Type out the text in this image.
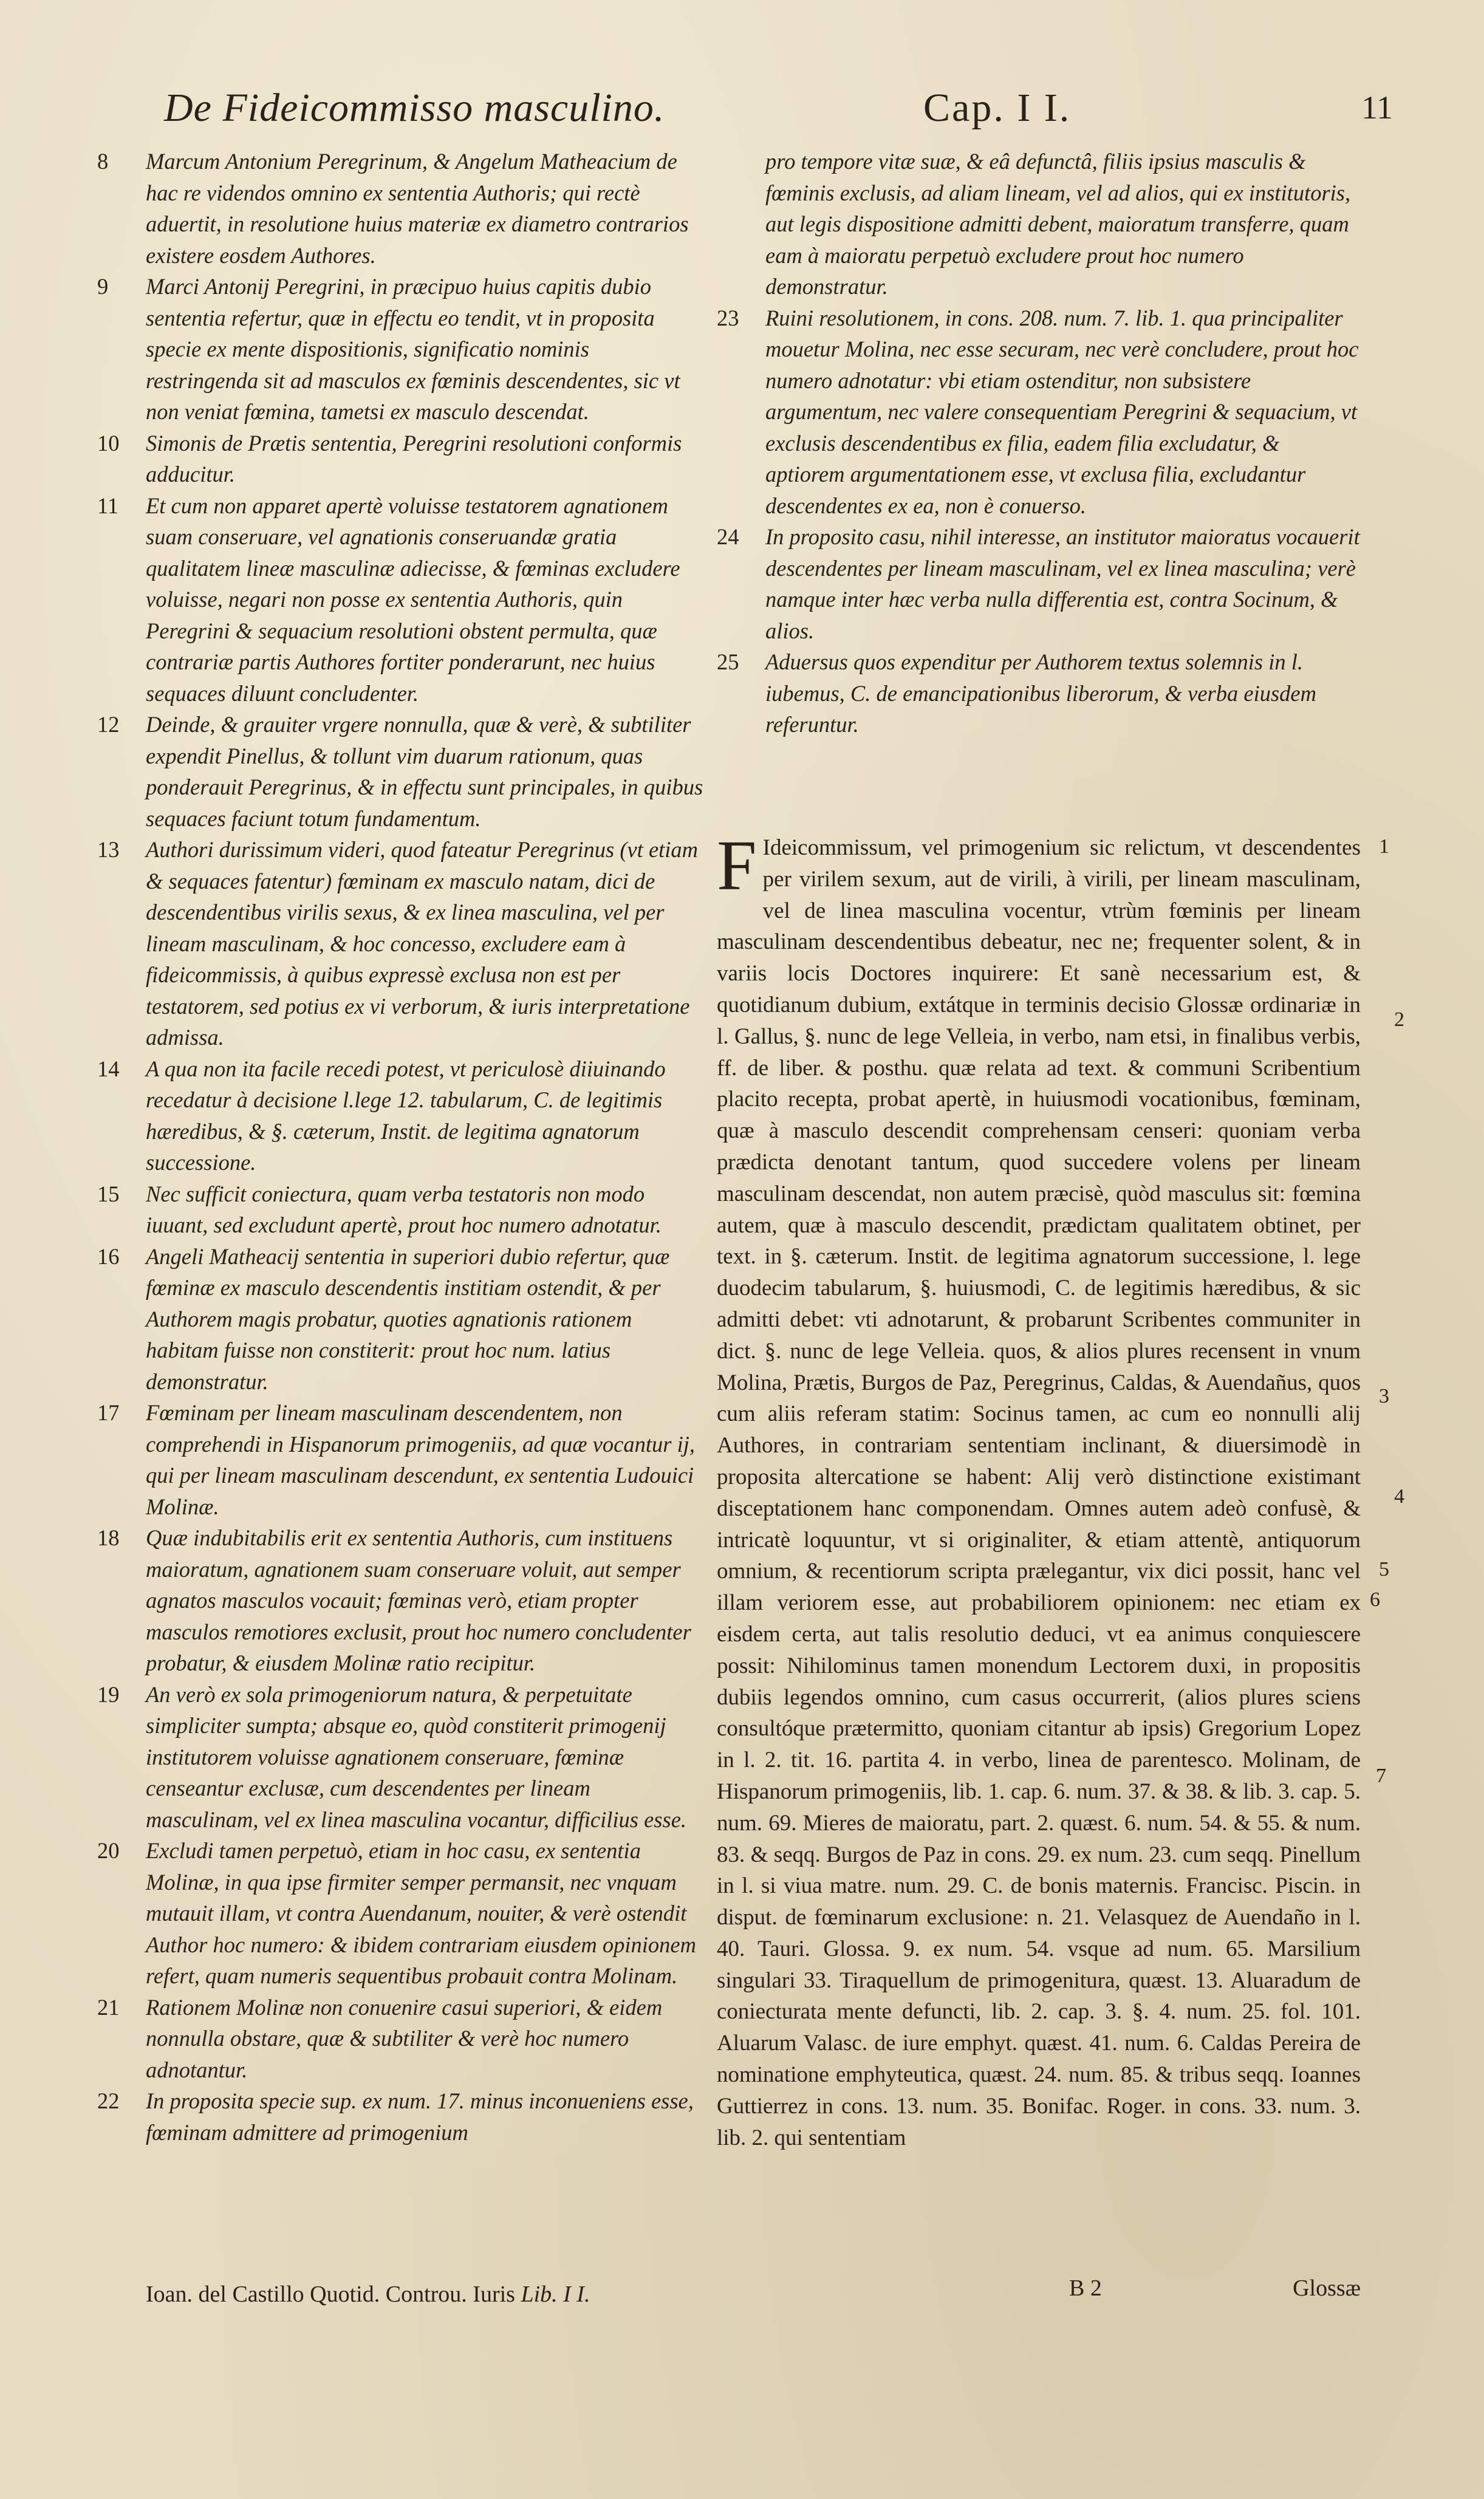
De Fideicommisso masculino.	Cap. I I.	11
8 Marcum Antonium Peregrinum, & Angelum Matheacium de hac re videndos omnino ex sententia Authoris; qui rectè aduertit, in resolutione huius materiæ ex diametro contrarios existere eosdem Authores.
9 Marci Antonij Peregrini, in præcipuo huius capitis dubio sententia refertur, quæ in effectu eo tendit, vt in proposita specie ex mente dispositionis, significatio nominis restringenda sit ad masculos ex fœminis descendentes, sic vt non veniat fœmina, tametsi ex masculo descendat.
10 Simonis de Prætis sententia, Peregrini resolutioni conformis adducitur.
11 Et cum non apparet apertè voluisse testatorem agnationem suam conseruare, vel agnationis conseruandæ gratia qualitatem lineæ masculinæ adiecisse, & fœminas excludere voluisse, negari non posse ex sententia Authoris, quin Peregrini & sequacium resolutioni obstent permulta, quæ contrariæ partis Authores fortiter ponderarunt, nec huius sequaces diluunt concludenter.
12 Deinde, & grauiter vrgere nonnulla, quæ & verè, & subtiliter expendit Pinellus, & tollunt vim duarum rationum, quas ponderauit Peregrinus, & in effectu sunt principales, in quibus sequaces faciunt totum fundamentum.
13 Authori durissimum videri, quod fateatur Peregrinus (vt etiam & sequaces fatentur) fœminam ex masculo natam, dici de descendentibus virilis sexus, & ex linea masculina, vel per lineam masculinam, & hoc concesso, excludere eam à fideicommissis, à quibus expressè exclusa non est per testatorem, sed potius ex vi verborum, & iuris interpretatione admissa.
14 A qua non ita facile recedi potest, vt periculosè diiuinando recedatur à decisione l.lege 12. tabularum, C. de legitimis hæredibus, & §. cæterum, Instit. de legitima agnatorum successione.
15 Nec sufficit coniectura, quam verba testatoris non modo iuuant, sed excludunt apertè, prout hoc numero adnotatur.
16 Angeli Matheacij sententia in superiori dubio refertur, quæ fœminæ ex masculo descendentis institiam ostendit, & per Authorem magis probatur, quoties agnationis rationem habitam fuisse non constiterit: prout hoc num. latius demonstratur.
17 Fœminam per lineam masculinam descendentem, non comprehendi in Hispanorum primogeniis, ad quæ vocantur ij, qui per lineam masculinam descendunt, ex sententia Ludouici Molinæ.
18 Quæ indubitabilis erit ex sententia Authoris, cum instituens maioratum, agnationem suam conseruare voluit, aut semper agnatos masculos vocauit; fœminas verò, etiam propter masculos remotiores exclusit, prout hoc numero concludenter probatur, & eiusdem Molinæ ratio recipitur.
19 An verò ex sola primogeniorum natura, & perpetuitate simpliciter sumpta; absque eo, quòd constiterit primogenij institutorem voluisse agnationem conseruare, fœminæ censeantur exclusæ, cum descendentes per lineam masculinam, vel ex linea masculina vocantur, difficilius esse.
20 Excludi tamen perpetuò, etiam in hoc casu, ex sententia Molinæ, in qua ipse firmiter semper permansit, nec vnquam mutauit illam, vt contra Auendanum, nouiter, & verè ostendit Author hoc numero: & ibidem contrariam eiusdem opinionem refert, quam numeris sequentibus probauit contra Molinam.
21 Rationem Molinæ non conuenire casui superiori, & eidem nonnulla obstare, quæ & subtiliter & verè hoc numero adnotantur.
22 In proposita specie sup. ex num. 17. minus inconueniens esse, fœminam admittere ad primogenium
pro tempore vitæ suæ, & eâ defunctâ, filiis ipsius masculis & fœminis exclusis, ad aliam lineam, vel ad alios, qui ex institutoris, aut legis dispositione admitti debent, maioratum transferre, quam eam à maioratu perpetuò excludere prout hoc numero demonstratur.
23 Ruini resolutionem, in cons. 208. num. 7. lib. 1. qua principaliter mouetur Molina, nec esse securam, nec verè concludere, prout hoc numero adnotatur: vbi etiam ostenditur, non subsistere argumentum, nec valere consequentiam Peregrini & sequacium, vt exclusis descendentibus ex filia, eadem filia excludatur, & aptiorem argumentationem esse, vt exclusa filia, excludantur descendentes ex ea, non è conuerso.
24 In proposito casu, nihil interesse, an institutor maioratus vocauerit descendentes per lineam masculinam, vel ex linea masculina; verè namque inter hæc verba nulla differentia est, contra Socinum, & alios.
25 Aduersus quos expenditur per Authorem textus solemnis in l. iubemus, C. de emancipationibus liberorum, & verba eiusdem referuntur.
F Ideicommissum, vel primogenium sic relictum, vt descendentes per virilem sexum, aut de virili, à virili, per lineam masculinam, vel de linea masculina vocentur, vtrùm fœminis per lineam masculinam descendentibus debeatur, nec ne; frequenter solent, & in variis locis Doctores inquirere: Et sanè necessarium est, & quotidianum dubium, extátque in terminis decisio Glossæ ordinariæ in l. Gallus, §. nunc de lege Velleia, in verbo, nam etsi, in finalibus verbis, ff. de liber. & posthu. quæ relata ad text. & communi Scribentium placito recepta, probat apertè, in huiusmodi vocationibus, fœminam, quæ à masculo descendit comprehensam censeri: quoniam verba prædicta denotant tantum, quod succedere volens per lineam masculinam descendat, non autem præcisè, quòd masculus sit: fœmina autem, quæ à masculo descendit, prædictam qualitatem obtinet, per text. in §. cæterum. Instit. de legitima agnatorum successione, l. lege duodecim tabularum, §. huiusmodi, C. de legitimis hæredibus, & sic admitti debet: vti adnotarunt, & probarunt Scribentes communiter in dict. §. nunc de lege Velleia. quos, & alios plures recensent in vnum Molina, Prætis, Burgos de Paz, Peregrinus, Caldas, & Auendañus, quos cum aliis referam statim: Socinus tamen, ac cum eo nonnulli alij Authores, in contrariam sententiam inclinant, & diuersimodè in proposita altercatione se habent: Alij verò distinctione existimant disceptationem hanc componendam. Omnes autem adeò confusè, & intricatè loquuntur, vt si originaliter, & etiam attentè, antiquorum omnium, & recentiorum scripta prælegantur, vix dici possit, hanc vel illam veriorem esse, aut probabiliorem opinionem: nec etiam ex eisdem certa, aut talis resolutio deduci, vt ea animus conquiescere possit: Nihilominus tamen monendum Lectorem duxi, in propositis dubiis legendos omnino, cum casus occurrerit, (alios plures sciens consultóque prætermitto, quoniam citantur ab ipsis) Gregorium Lopez in l. 2. tit. 16. partita 4. in verbo, linea de parentesco. Molinam, de Hispanorum primogeniis, lib. 1. cap. 6. num. 37. & 38. & lib. 3. cap. 5. num. 69. Mieres de maioratu, part. 2. quæst. 6. num. 54. & 55. & num. 83. & seqq. Burgos de Paz in cons. 29. ex num. 23. cum seqq. Pinellum in l. si viua matre. num. 29. C. de bonis maternis. Francisc. Piscin. in disput. de fœminarum exclusione: n. 21. Velasquez de Auendaño in l. 40. Tauri. Glossa. 9. ex num. 54. vsque ad num. 65. Marsilium singulari 33. Tiraquellum de primogenitura, quæst. 13. Aluaradum de coniecturata mente defuncti, lib. 2. cap. 3. §. 4. num. 25. fol. 101. Aluarum Valasc. de iure emphyt. quæst. 41. num. 6. Caldas Pereira de nominatione emphyteutica, quæst. 24. num. 85. & tribus seqq. Ioannes Guttierrez in cons. 13. num. 35. Bonifac. Roger. in cons. 33. num. 3. lib. 2. qui sententiam
1
2
3
4
5
6
7
Ioan. del Castillo Quotid. Controu. Iuris Lib. I I.	B 2	Glossæ
